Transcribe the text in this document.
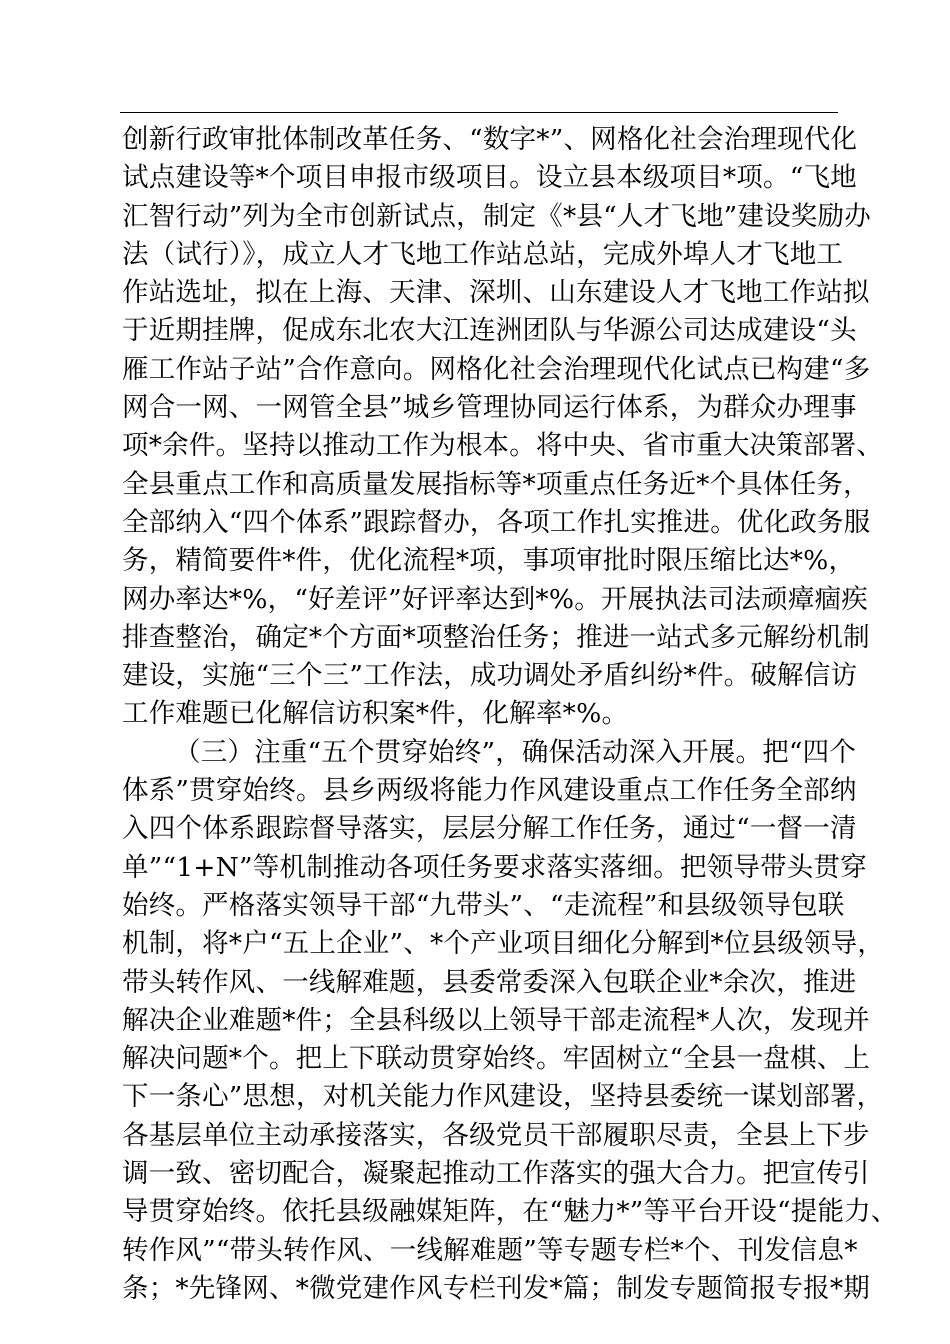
创新行政审批体制改革任务、“数字*”、网格化社会治理现代化
试点建设等*个项目申报市级项目。设立县本级项目*项。“飞地
汇智行动”列为全市创新试点，制定《*县“人才飞地”建设奖励办
法（试行）》，成立人才飞地工作站总站，完成外埠人才飞地工
作站选址，拟在上海、天津、深圳、山东建设人才飞地工作站拟
于近期挂牌，促成东北农大江连洲团队与华源公司达成建设“头
雁工作站子站”合作意向。网格化社会治理现代化试点已构建“多
网合一网、一网管全县”城乡管理协同运行体系，为群众办理事
项*余件。坚持以推动工作为根本。将中央、省市重大决策部署、
全县重点工作和高质量发展指标等*项重点任务近*个具体任务，
全部纳入“四个体系”跟踪督办，各项工作扎实推进。优化政务服
务，精简要件*件，优化流程*项，事项审批时限压缩比达*%，
网办率达*%，“好差评”好评率达到*%。开展执法司法顽瘴痼疾
排查整治，确定*个方面*项整治任务；推进一站式多元解纷机制
建设，实施“三个三”工作法，成功调处矛盾纠纷*件。破解信访
工作难题已化解信访积案*件，化解率*%。
（三）注重“五个贯穿始终”，确保活动深入开展。把“四个
体系”贯穿始终。县乡两级将能力作风建设重点工作任务全部纳
入四个体系跟踪督导落实，层层分解工作任务，通过“一督一清
单”“1+N”等机制推动各项任务要求落实落细。把领导带头贯穿
始终。严格落实领导干部“九带头”、“走流程”和县级领导包联
机制，将*户“五上企业”、*个产业项目细化分解到*位县级领导，
带头转作风、一线解难题，县委常委深入包联企业*余次，推进
解决企业难题*件；全县科级以上领导干部走流程*人次，发现并
解决问题*个。把上下联动贯穿始终。牢固树立“全县一盘棋、上
下一条心”思想，对机关能力作风建设，坚持县委统一谋划部署，
各基层单位主动承接落实，各级党员干部履职尽责，全县上下步
调一致、密切配合，凝聚起推动工作落实的强大合力。把宣传引
导贯穿始终。依托县级融媒矩阵，在“魅力*”等平台开设“提能力、
转作风”“带头转作风、一线解难题”等专题专栏*个、刊发信息*
条；*先锋网、*微党建作风专栏刊发*篇；制发专题简报专报*期
